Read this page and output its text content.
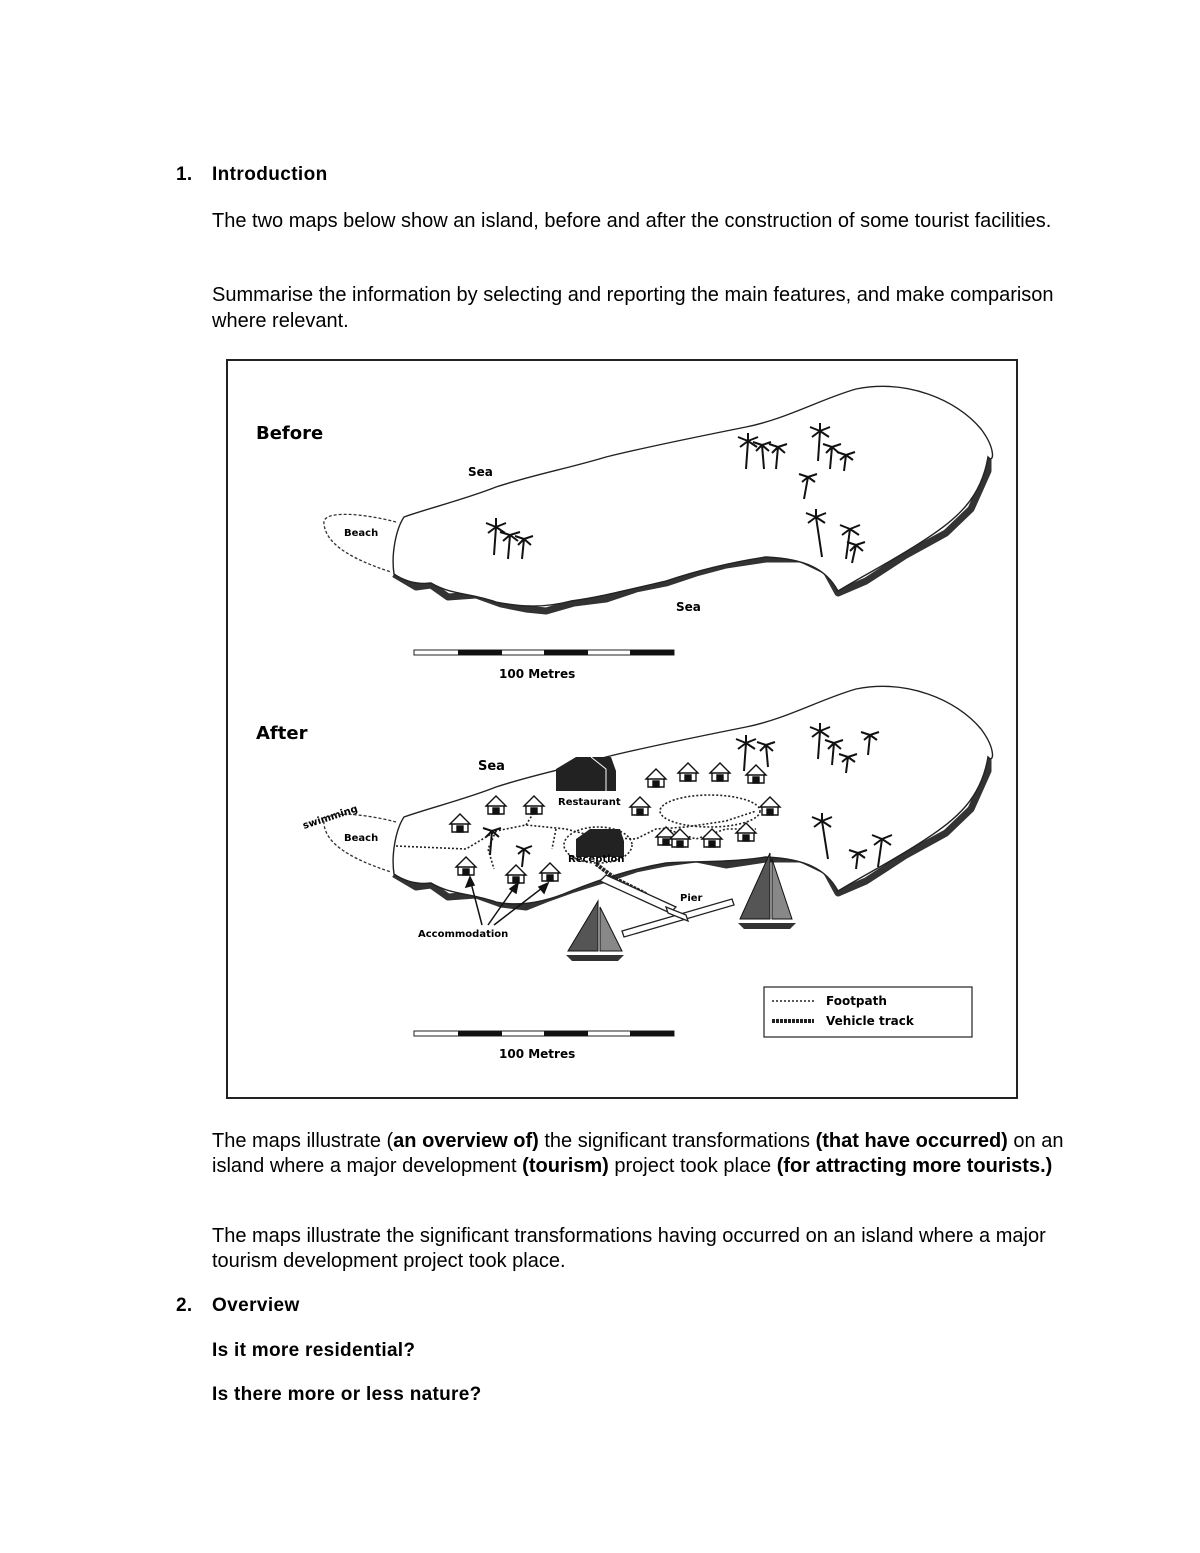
1. Introduction
The two maps below show an island, before and after the construction of some tourist facilities.
Summarise the information by selecting and reporting the main features, and make comparison where relevant.
Before
Sea
Sea
Beach
100 Metres
After
Sea
swimming
Beach
Restaurant
Reception
Pier
Accommodation
Footpath
Vehicle track
100 Metres
The maps illustrate (an overview of) the significant transformations (that have occurred) on an island where a major development (tourism) project took place (for attracting more tourists.)
The maps illustrate the significant transformations having occurred on an island where a major tourism development project took place.
2. Overview
Is it more residential?
Is there more or less nature?
